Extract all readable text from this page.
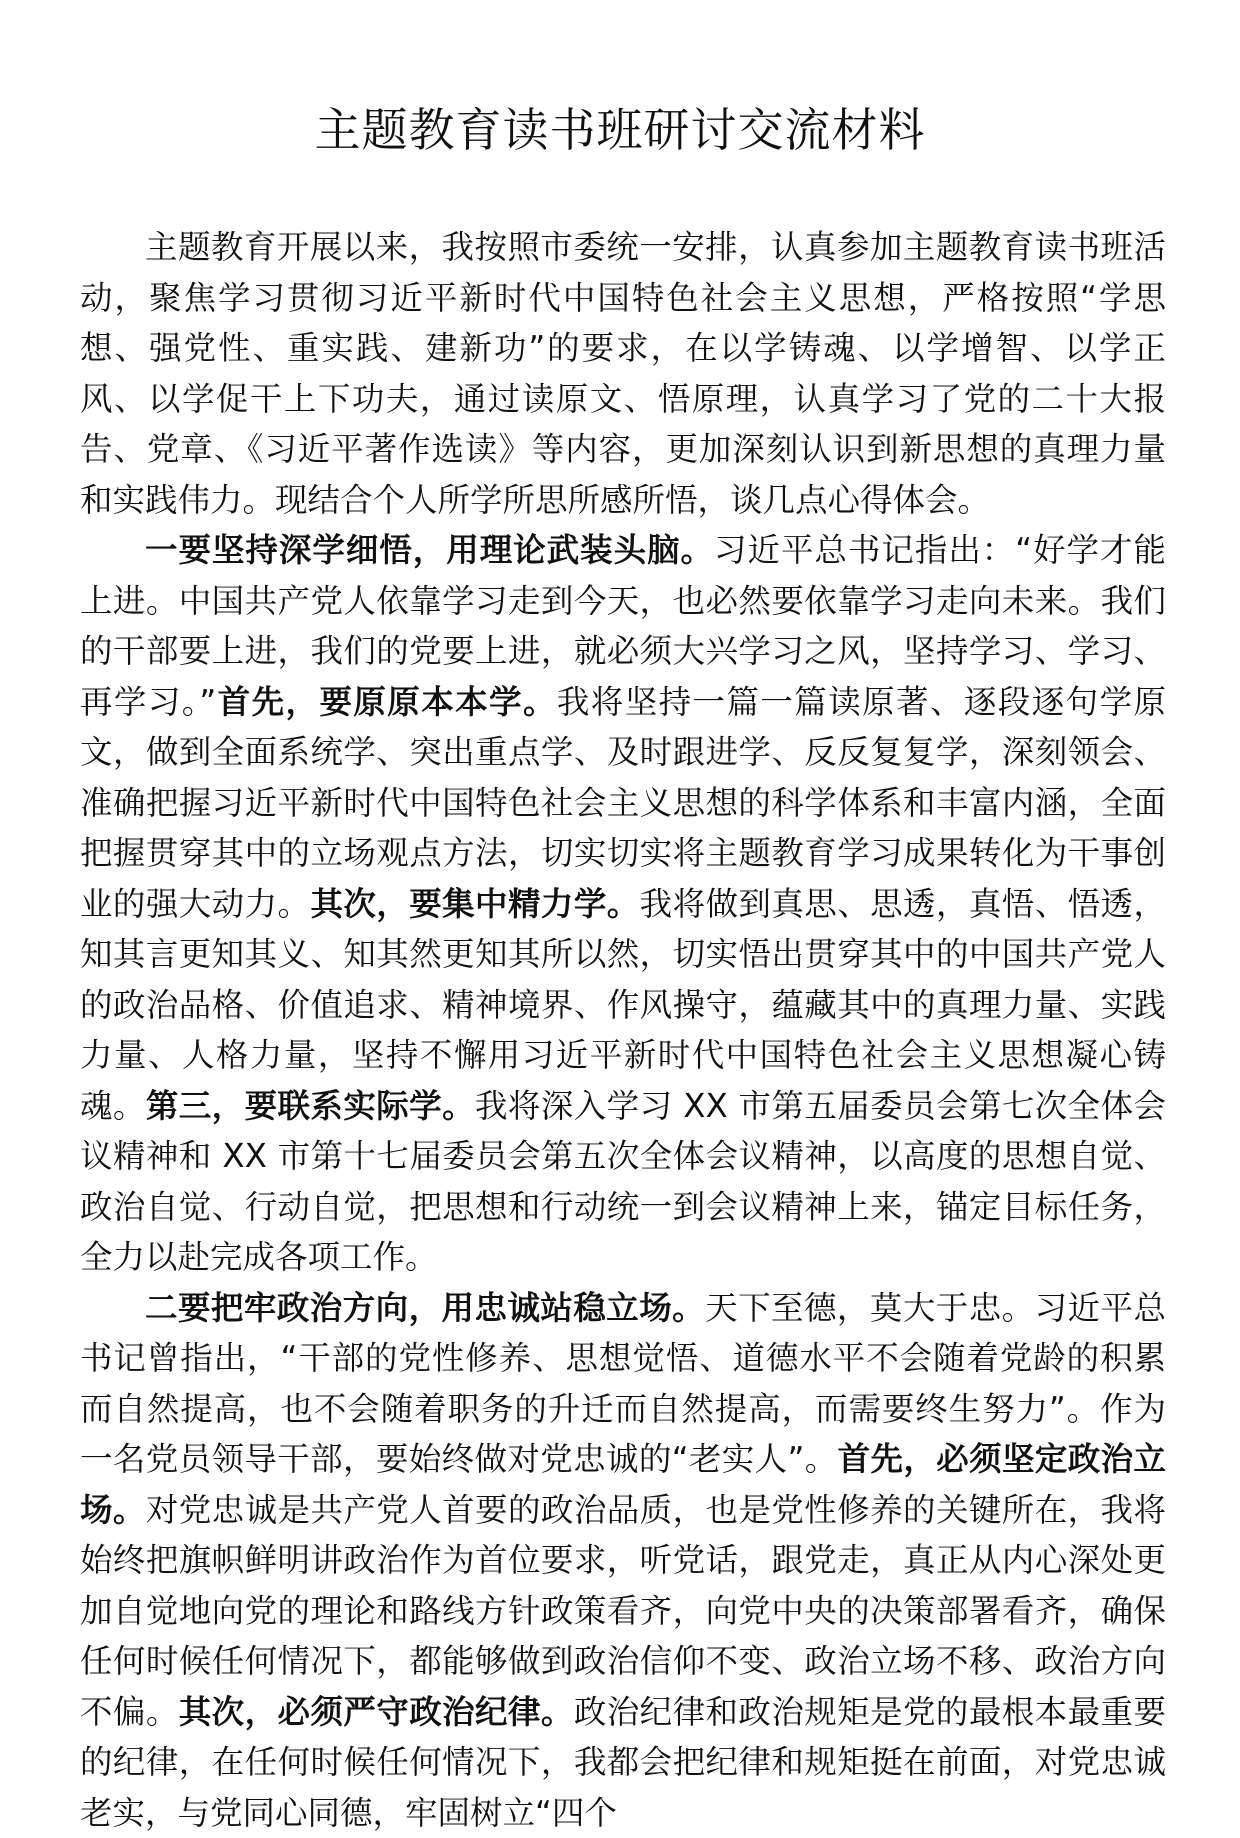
主题教育读书班研讨交流材料

主题教育开展以来，我按照市委统一安排，认真参加主题教育读书班活动，聚焦学习贯彻习近平新时代中国特色社会主义思想，严格按照“学思想、强党性、重实践、建新功”的要求，在以学铸魂、以学增智、以学正风、以学促干上下功夫，通过读原文、悟原理，认真学习了党的二十大报告、党章、《习近平著作选读》等内容，更加深刻认识到新思想的真理力量和实践伟力。现结合个人所学所思所感所悟，谈几点心得体会。

一要坚持深学细悟，用理论武装头脑。习近平总书记指出：“好学才能上进。中国共产党人依靠学习走到今天，也必然要依靠学习走向未来。我们的干部要上进，我们的党要上进，就必须大兴学习之风，坚持学习、学习、再学习。”首先，要原原本本学。我将坚持一篇一篇读原著、逐段逐句学原文，做到全面系统学、突出重点学、及时跟进学、反反复复学，深刻领会、准确把握习近平新时代中国特色社会主义思想的科学体系和丰富内涵，全面把握贯穿其中的立场观点方法，切实切实将主题教育学习成果转化为干事创业的强大动力。其次，要集中精力学。我将做到真思、思透，真悟、悟透，知其言更知其义、知其然更知其所以然，切实悟出贯穿其中的中国共产党人的政治品格、价值追求、精神境界、作风操守，蕴藏其中的真理力量、实践力量、人格力量，坚持不懈用习近平新时代中国特色社会主义思想凝心铸魂。第三，要联系实际学。我将深入学习 XX 市第五届委员会第七次全体会议精神和 XX 市第十七届委员会第五次全体会议精神，以高度的思想自觉、政治自觉、行动自觉，把思想和行动统一到会议精神上来，锚定目标任务，全力以赴完成各项工作。

二要把牢政治方向，用忠诚站稳立场。天下至德，莫大于忠。习近平总书记曾指出，“干部的党性修养、思想觉悟、道德水平不会随着党龄的积累而自然提高，也不会随着职务的升迁而自然提高，而需要终生努力”。作为一名党员领导干部，要始终做对党忠诚的“老实人”。首先，必须坚定政治立场。对党忠诚是共产党人首要的政治品质，也是党性修养的关键所在，我将始终把旗帜鲜明讲政治作为首位要求，听党话，跟党走，真正从内心深处更加自觉地向党的理论和路线方针政策看齐，向党中央的决策部署看齐，确保任何时候任何情况下，都能够做到政治信仰不变、政治立场不移、政治方向不偏。其次，必须严守政治纪律。政治纪律和政治规矩是党的最根本最重要的纪律，在任何时候任何情况下，我都会把纪律和规矩挺在前面，对党忠诚老实，与党同心同德，牢固树立“四个
